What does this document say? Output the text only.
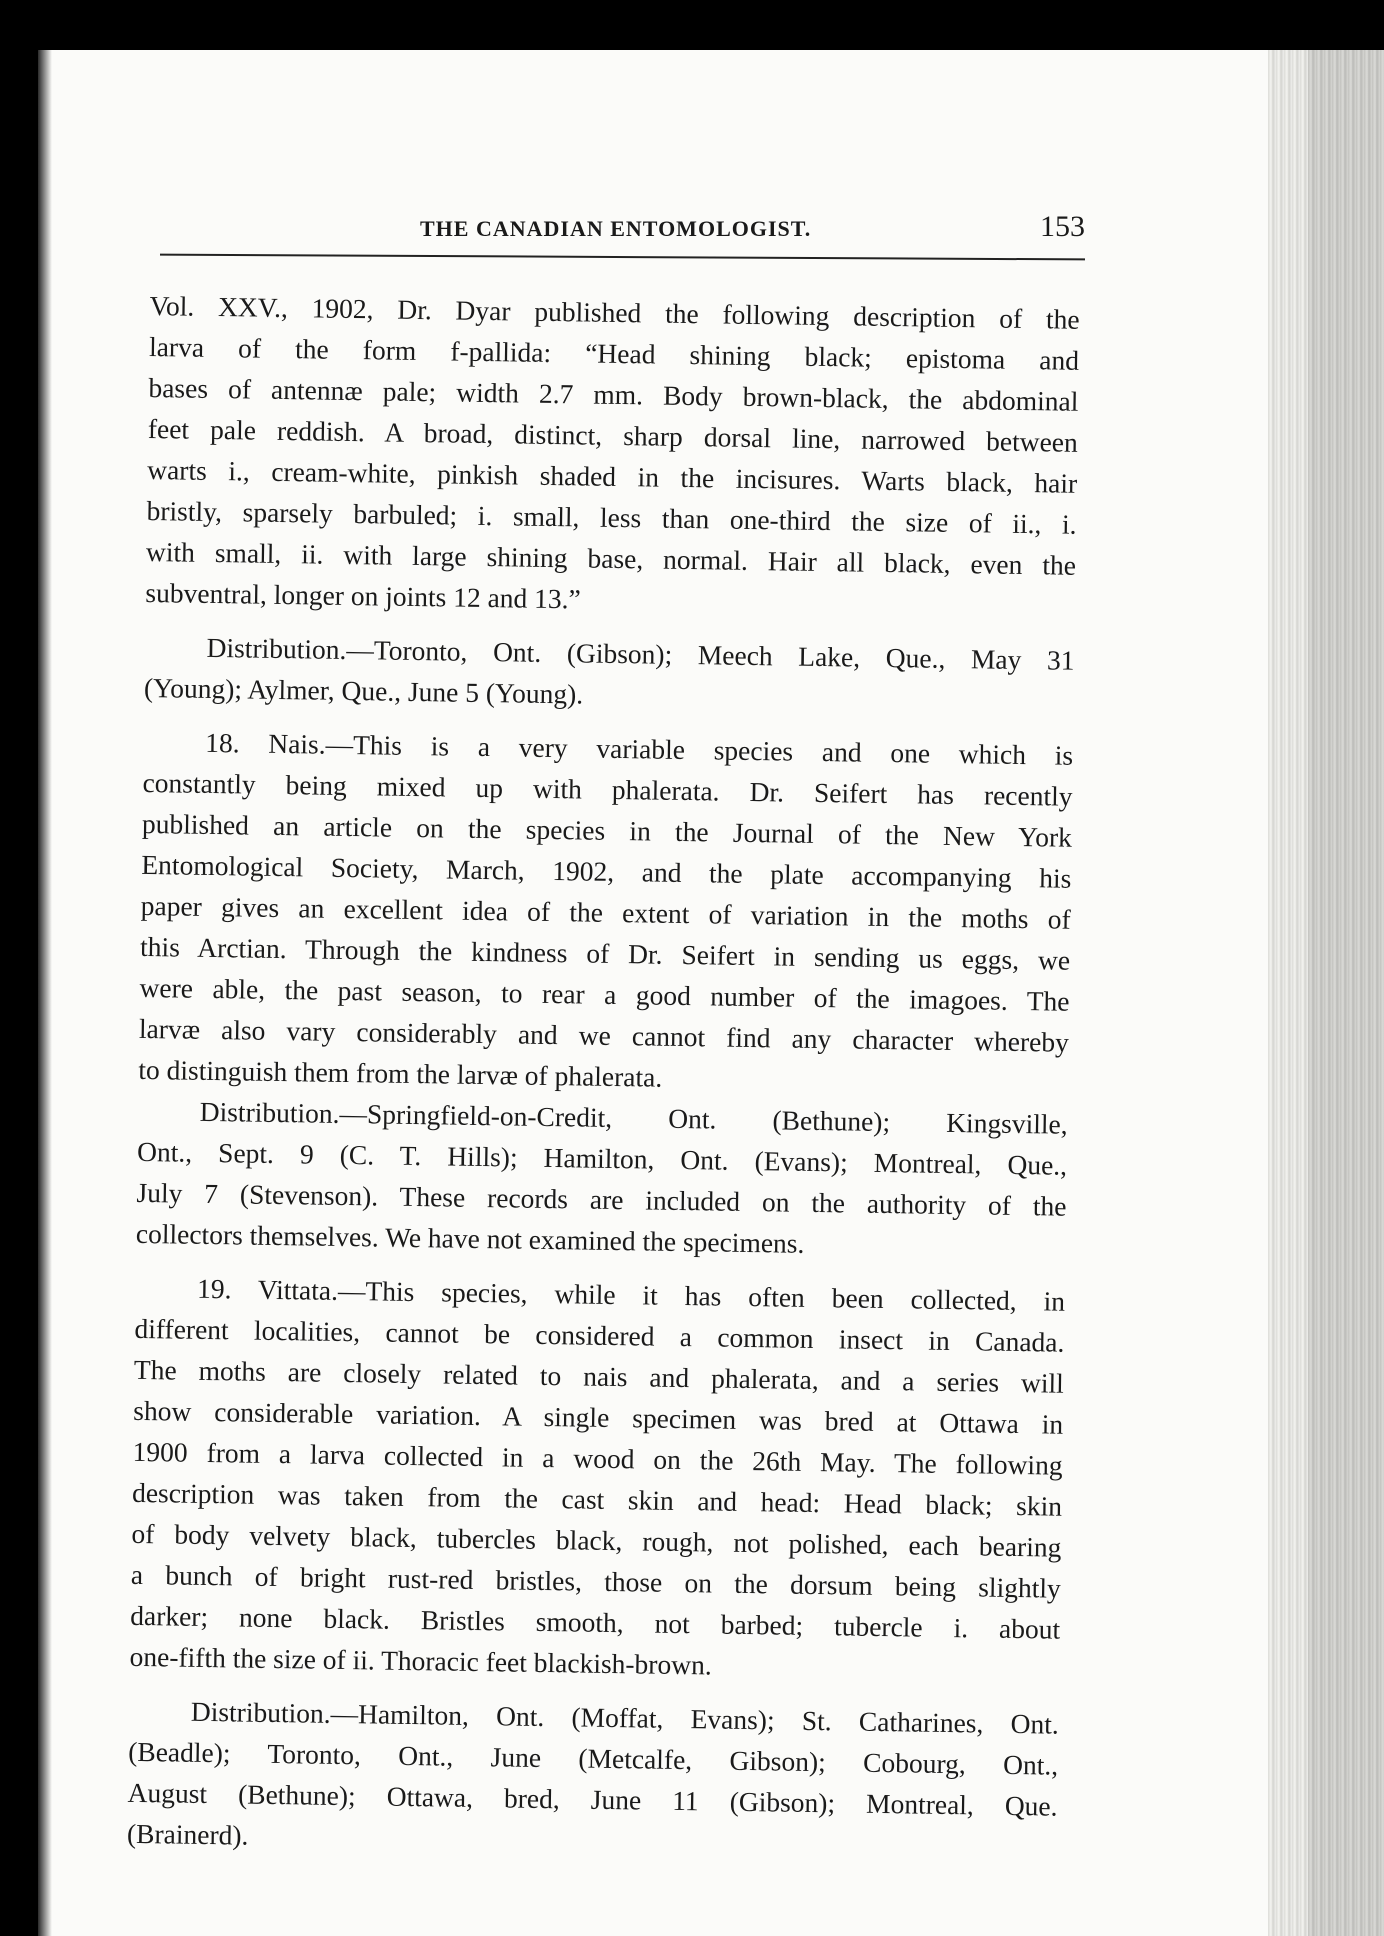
THE CANADIAN ENTOMOLOGIST.	153
Vol. XXV., 1902, Dr. Dyar published the following description of the
larva of the form f-pallida: “Head shining black; epistoma and
bases of antennæ pale; width 2.7 mm. Body brown-black, the abdominal
feet pale reddish. A broad, distinct, sharp dorsal line, narrowed between
warts i., cream-white, pinkish shaded in the incisures. Warts black, hair
bristly, sparsely barbuled; i. small, less than one-third the size of ii., i.
with small, ii. with large shining base, normal. Hair all black, even the
subventral, longer on joints 12 and 13.”
Distribution.—Toronto, Ont. (Gibson); Meech Lake, Que., May 31
(Young); Aylmer, Que., June 5 (Young).
18. Nais.—This is a very variable species and one which is
constantly being mixed up with phalerata. Dr. Seifert has recently
published an article on the species in the Journal of the New York
Entomological Society, March, 1902, and the plate accompanying his
paper gives an excellent idea of the extent of variation in the moths of
this Arctian. Through the kindness of Dr. Seifert in sending us eggs, we
were able, the past season, to rear a good number of the imagoes. The
larvæ also vary considerably and we cannot find any character whereby
to distinguish them from the larvæ of phalerata.
Distribution.—Springfield-on-Credit, Ont. (Bethune); Kingsville,
Ont., Sept. 9 (C. T. Hills); Hamilton, Ont. (Evans); Montreal, Que.,
July 7 (Stevenson). These records are included on the authority of the
collectors themselves. We have not examined the specimens.
19. Vittata.—This species, while it has often been collected, in
different localities, cannot be considered a common insect in Canada.
The moths are closely related to nais and phalerata, and a series will
show considerable variation. A single specimen was bred at Ottawa in
1900 from a larva collected in a wood on the 26th May. The following
description was taken from the cast skin and head: Head black; skin
of body velvety black, tubercles black, rough, not polished, each bearing
a bunch of bright rust-red bristles, those on the dorsum being slightly
darker; none black. Bristles smooth, not barbed; tubercle i. about
one-fifth the size of ii. Thoracic feet blackish-brown.
Distribution.—Hamilton, Ont. (Moffat, Evans); St. Catharines, Ont.
(Beadle); Toronto, Ont., June (Metcalfe, Gibson); Cobourg, Ont.,
August (Bethune); Ottawa, bred, June 11 (Gibson); Montreal, Que.
(Brainerd).
